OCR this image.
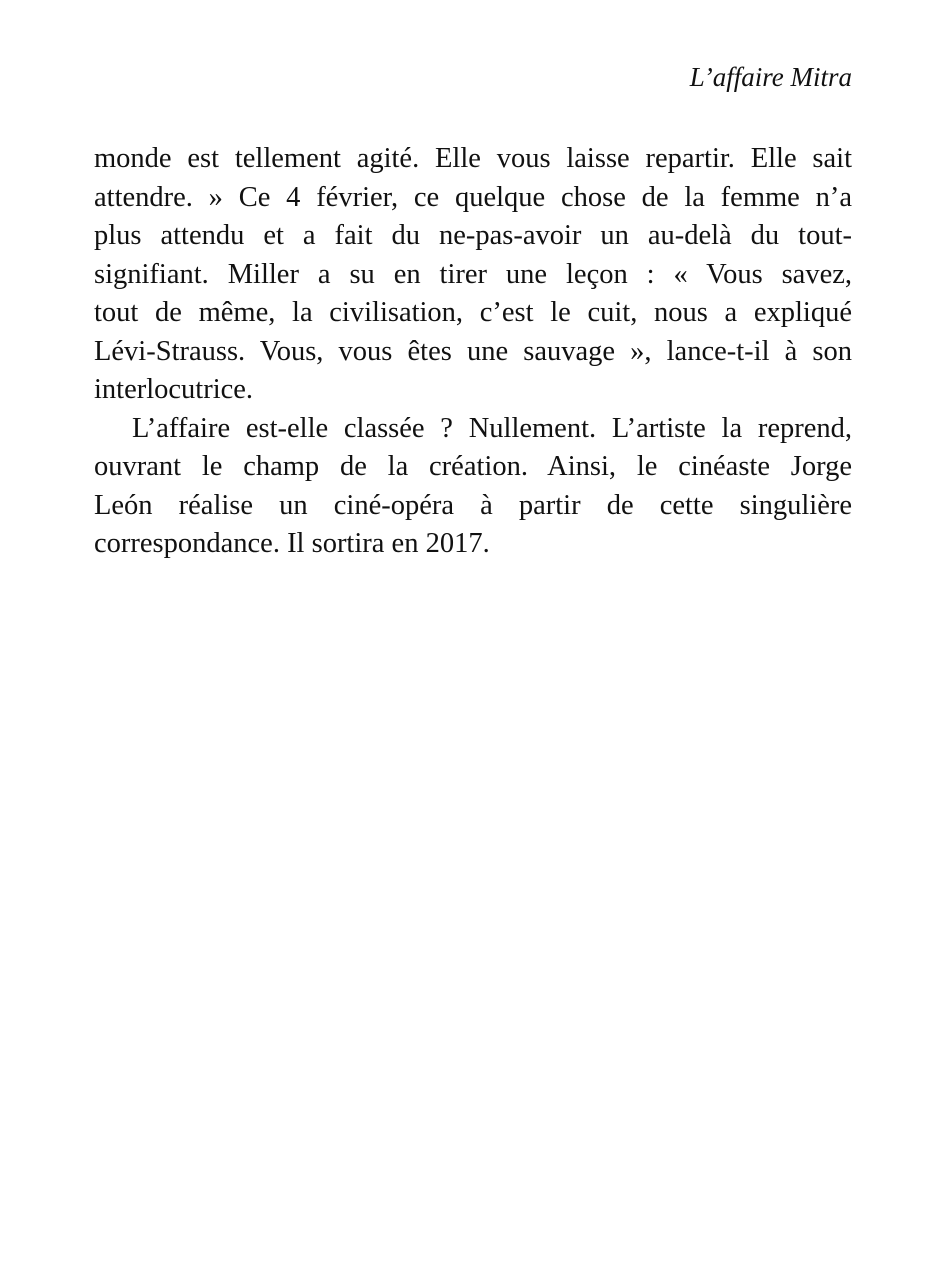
L’affaire Mitra
monde est tellement agité. Elle vous laisse repartir. Elle sait
attendre. » Ce 4 février, ce quelque chose de la femme n’a
plus attendu et a fait du ne-pas-avoir un au-delà du tout-
signifiant. Miller a su en tirer une leçon : « Vous savez,
tout de même, la civilisation, c’est le cuit, nous a expliqué
Lévi-Strauss. Vous, vous êtes une sauvage », lance-t-il à son
interlocutrice.
L’affaire est-elle classée ? Nullement. L’artiste la reprend,
ouvrant le champ de la création. Ainsi, le cinéaste Jorge
León réalise un ciné-opéra à partir de cette singulière
correspondance. Il sortira en 2017.
